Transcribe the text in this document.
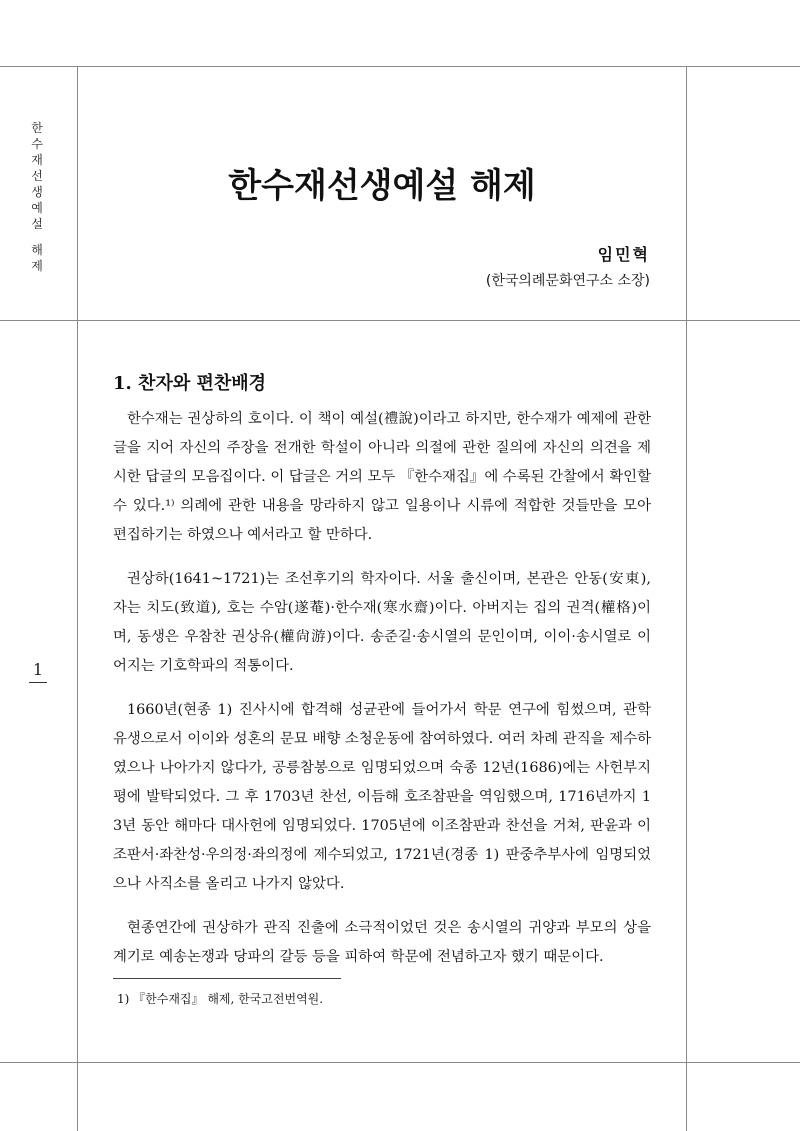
한
수
재
선
생
예
설
해
제
1
한수재선생예설 해제
임민혁
(한국의례문화연구소 소장)
1. 찬자와 편찬배경

한수재는 권상하의 호이다. 이 책이 예설(禮說)이라고 하지만, 한수재가 예제에 관한 글을 지어 자신의 주장을 전개한 학설이 아니라 의절에 관한 질의에 자신의 의견을 제시한 답글의 모음집이다. 이 답글은 거의 모두 『한수재집』에 수록된 간찰에서 확인할 수 있다.¹⁾ 의례에 관한 내용을 망라하지 않고 일용이나 시류에 적합한 것들만을 모아 편집하기는 하였으나 예서라고 할 만하다.

권상하(1641~1721)는 조선후기의 학자이다. 서울 출신이며, 본관은 안동(安東), 자는 치도(致道), 호는 수암(遂菴)·한수재(寒水齋)이다. 아버지는 집의 권격(權格)이며, 동생은 우참찬 권상유(權尙游)이다. 송준길·송시열의 문인이며, 이이·송시열로 이어지는 기호학파의 적통이다.

1660년(현종 1) 진사시에 합격해 성균관에 들어가서 학문 연구에 힘썼으며, 관학 유생으로서 이이와 성혼의 문묘 배향 소청운동에 참여하였다. 여러 차례 관직을 제수하였으나 나아가지 않다가, 공릉참봉으로 임명되었으며 숙종 12년(1686)에는 사헌부지평에 발탁되었다. 그 후 1703년 찬선, 이듬해 호조참판을 역임했으며, 1716년까지 13년 동안 해마다 대사헌에 임명되었다. 1705년에 이조참판과 찬선을 거쳐, 판윤과 이조판서·좌찬성·우의정·좌의정에 제수되었고, 1721년(경종 1) 판중추부사에 임명되었으나 사직소를 올리고 나가지 않았다.

현종연간에 권상하가 관직 진출에 소극적이었던 것은 송시열의 귀양과 부모의 상을 계기로 예송논쟁과 당파의 갈등 등을 피하여 학문에 전념하고자 했기 때문이다.

1) 『한수재집』 해제, 한국고전번역원.
